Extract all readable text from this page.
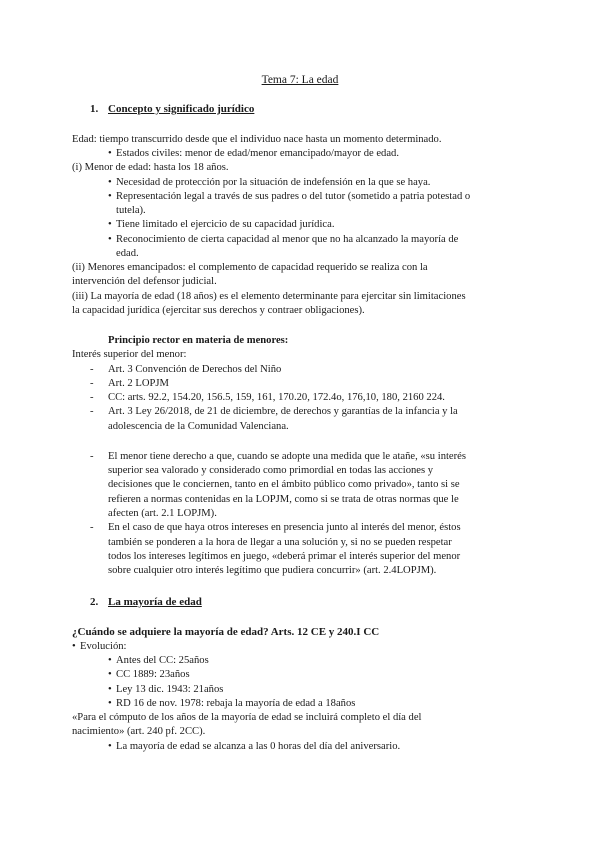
Tema 7: La edad
1. Concepto y significado jurídico
Edad: tiempo transcurrido desde que el individuo nace hasta un momento determinado.
• Estados civiles: menor de edad/menor emancipado/mayor de edad.
(i) Menor de edad: hasta los 18 años.
• Necesidad de protección por la situación de indefensión en la que se haya.
• Representación legal a través de sus padres o del tutor (sometido a patria potestad o
tutela).
• Tiene limitado el ejercicio de su capacidad jurídica.
• Reconocimiento de cierta capacidad al menor que no ha alcanzado la mayoría de
edad.
(ii) Menores emancipados: el complemento de capacidad requerido se realiza con la
intervención del defensor judicial.
(iii) La mayoría de edad (18 años) es el elemento determinante para ejercitar sin limitaciones
la capacidad jurídica (ejercitar sus derechos y contraer obligaciones).
Principio rector en materia de menores:
Interés superior del menor:
- Art. 3 Convención de Derechos del Niño
- Art. 2 LOPJM
- CC: arts. 92.2, 154.20, 156.5, 159, 161, 170.20, 172.4o, 176,10, 180, 2160 224.
- Art. 3 Ley 26/2018, de 21 de diciembre, de derechos y garantías de la infancia y la
adolescencia de la Comunidad Valenciana.
- El menor tiene derecho a que, cuando se adopte una medida que le atañe, «su interés
superior sea valorado y considerado como primordial en todas las acciones y
decisiones que le conciernen, tanto en el ámbito público como privado», tanto si se
refieren a normas contenidas en la LOPJM, como si se trata de otras normas que le
afecten (art. 2.1 LOPJM).
- En el caso de que haya otros intereses en presencia junto al interés del menor, éstos
también se ponderen a la hora de llegar a una solución y, si no se pueden respetar
todos los intereses legítimos en juego, «deberá primar el interés superior del menor
sobre cualquier otro interés legítimo que pudiera concurrir» (art. 2.4LOPJM).
2. La mayoría de edad
¿Cuándo se adquiere la mayoría de edad? Arts. 12 CE y 240.I CC
• Evolución:
• Antes del CC: 25años
• CC 1889: 23años
• Ley 13 dic. 1943: 21años
• RD 16 de nov. 1978: rebaja la mayoría de edad a 18años
«Para el cómputo de los años de la mayoría de edad se incluirá completo el día del
nacimiento» (art. 240 pf. 2CC).
• La mayoría de edad se alcanza a las 0 horas del día del aniversario.
